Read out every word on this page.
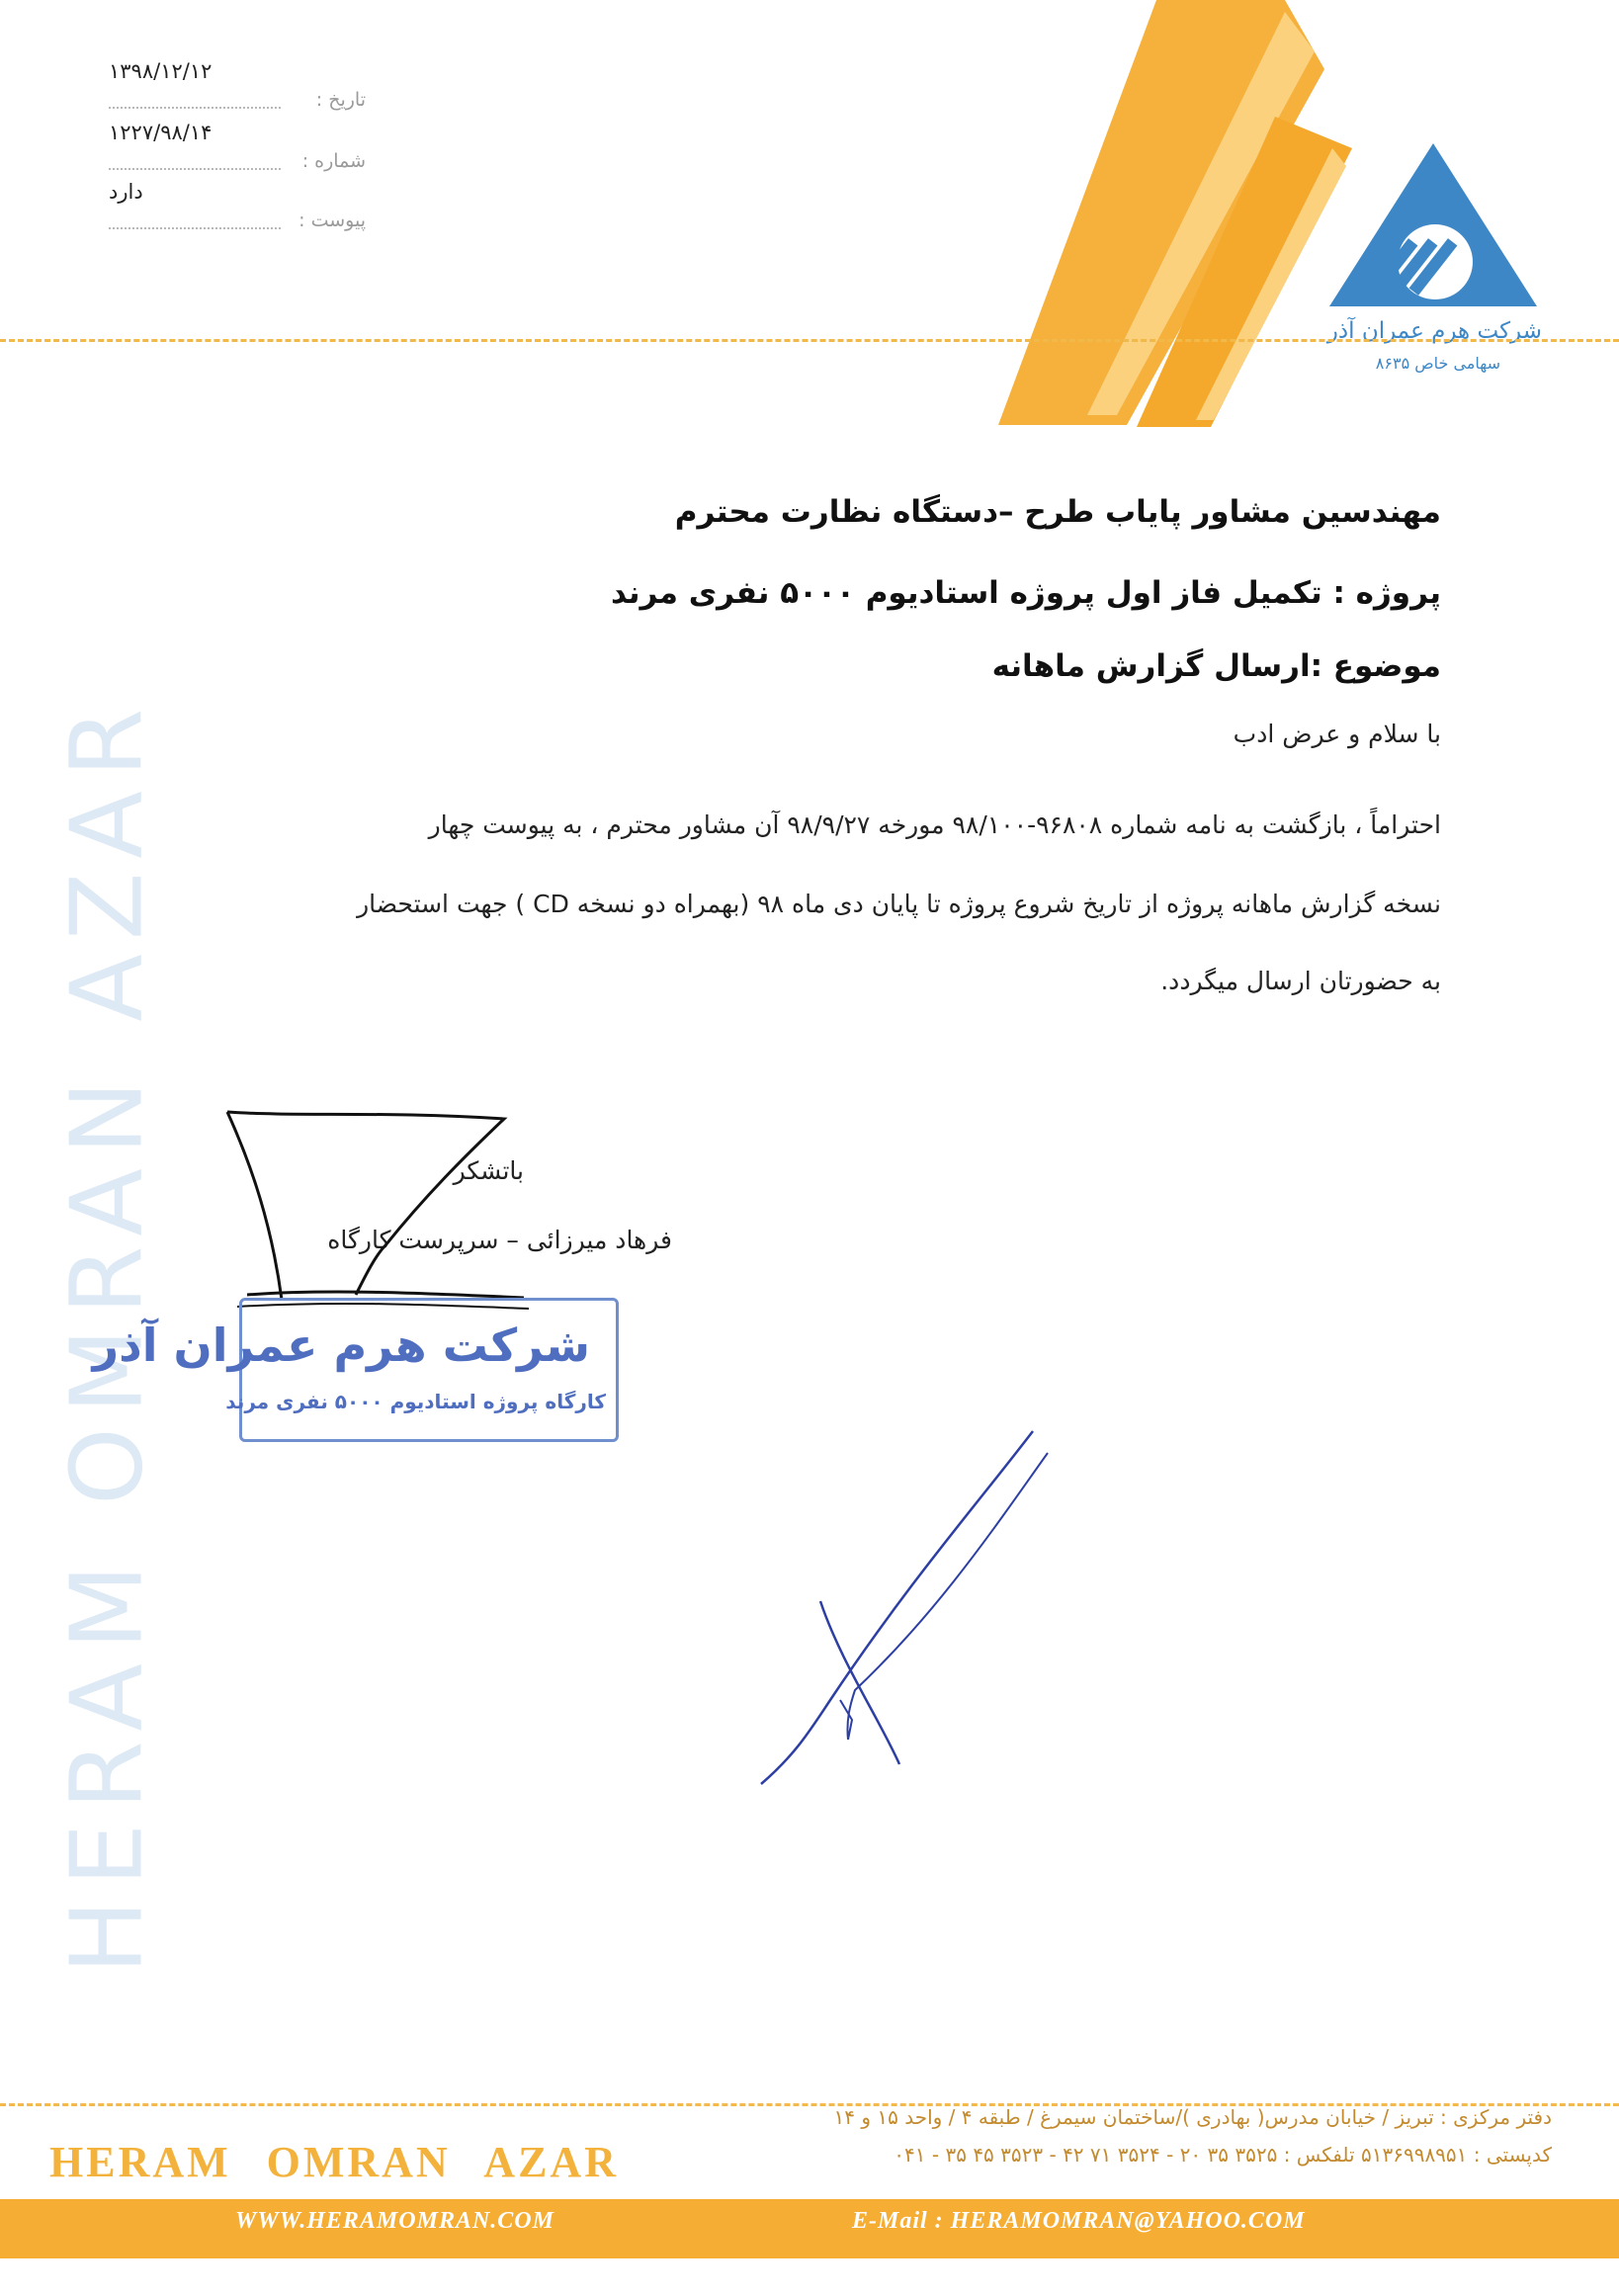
شرکت هرم عمران آذر
سهامی خاص ۸۶۳۵
۱۳۹۸/۱۲/۱۲
تاریخ :
۱۲۲۷/۹۸/۱۴
شماره :
دارد
پیوست :
HERAM OMRAN AZAR
مهندسین مشاور پایاب طرح –دستگاه نظارت محترم
پروژه : تکمیل فاز اول پروژه استادیوم ۵۰۰۰ نفری مرند
موضوع :ارسال گزارش ماهانه
با سلام و عرض ادب
احتراماً ، بازگشت به نامه شماره ۹۶۸۰۸-۹۸/۱۰۰ مورخه ۹۸/۹/۲۷ آن مشاور محترم ، به پیوست چهار
نسخه گزارش ماهانه پروژه از تاریخ شروع پروژه تا پایان دی ماه ۹۸ (بهمراه دو نسخه CD ) جهت استحضار
به حضورتان ارسال میگردد.
باتشکر
فرهاد میرزائی – سرپرست کارگاه
شرکت هرم عمران آذر
کارگاه پروژه استادیوم ۵۰۰۰ نفری مرند
دفتر مرکزی : تبریز / خیابان مدرس( بهادری )/ساختمان سیمرغ / طبقه ۴ / واحد ۱۵ و ۱۴
کدپستی : ۵۱۳۶۹۹۸۹۵۱ تلفکس : ۳۵۲۵ ۳۵ ۲۰ - ۳۵۲۴ ۷۱ ۴۲ - ۳۵۲۳ ۴۵ ۳۵ - ۰۴۱
HERAM OMRAN AZAR
WWW.HERAMOMRAN.COM	E-Mail : HERAMOMRAN@YAHOO.COM
